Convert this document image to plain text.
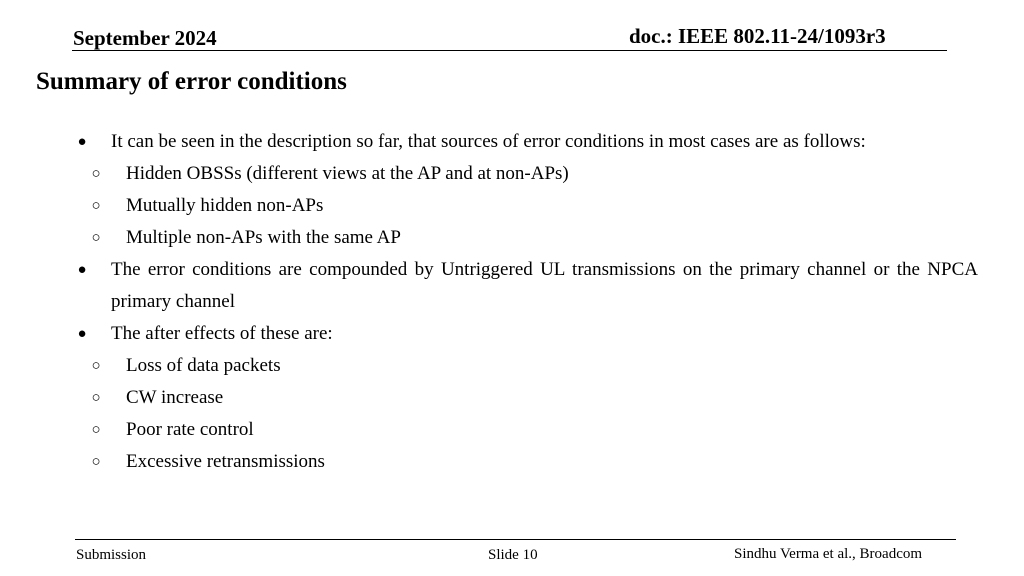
September 2024	doc.: IEEE 802.11-24/1093r3
Summary of error conditions
● It can be seen in the description so far, that sources of error conditions in most cases are as follows:
○ Hidden OBSSs (different views at the AP and at non-APs)
○ Mutually hidden non-APs
○ Multiple non-APs with the same AP
● The error conditions are compounded by Untriggered UL transmissions on the primary channel or the NPCA primary channel
● The after effects of these are:
○ Loss of data packets
○ CW increase
○ Poor rate control
○ Excessive retransmissions
Submission	Slide 10	Sindhu Verma et al., Broadcom
